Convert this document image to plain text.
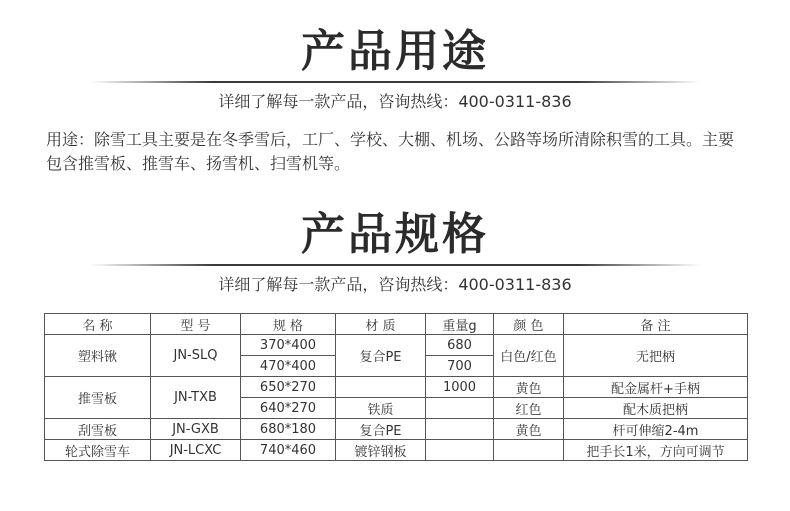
产品用途
详细了解每一款产品，咨询热线：400-0311-836

用途：除雪工具主要是在冬季雪后，工厂、学校、大棚、机场、公路等场所清除积雪的工具。主要包含推雪板、推雪车、扬雪机、扫雪机等。

产品规格
详细了解每一款产品，咨询热线：400-0311-836
名 称	型 号	规 格	材 质	重量g	颜 色	备 注
塑料锹	JN-SLQ	370*400	复合PE	680	白色/红色	无把柄
		470*400		700		
推雪板	JN-TXB	650*270		1000	黄色	配金属杆+手柄
		640*270	铁质		红色	配木质把柄
刮雪板	JN-GXB	680*180	复合PE		黄色	杆可伸缩2-4m
轮式除雪车	JN-LCXC	740*460	镀锌钢板			把手长1米，方向可调节
